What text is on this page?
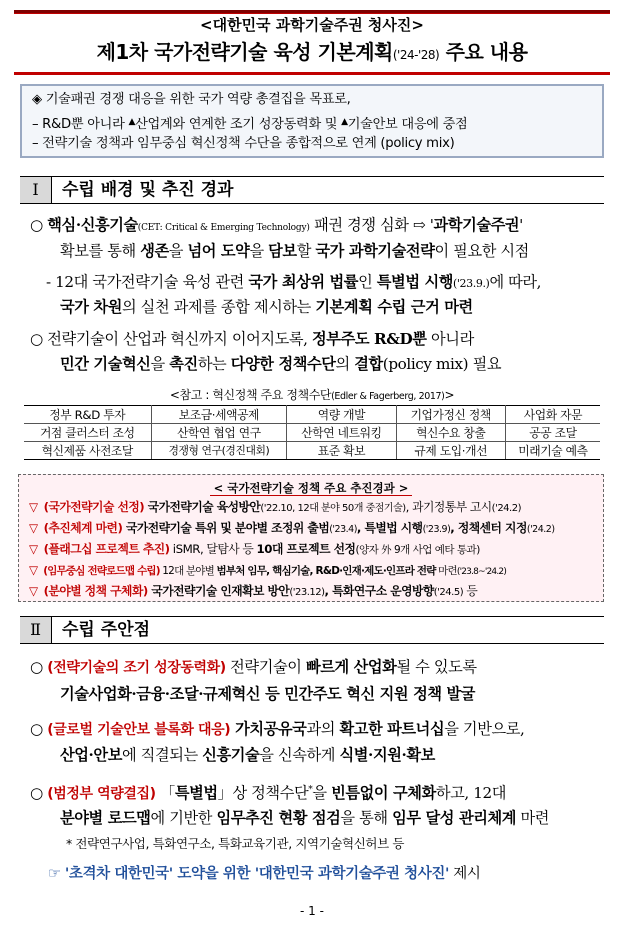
<대한민국 과학기술주권 청사진>
제1차 국가전략기술 육성 기본계획('24-'28) 주요 내용
◈ 기술패권 경쟁 대응을 위한 국가 역량 총결집을 목표로,
– R&D뿐 아니라 ▲산업계와 연계한 조기 성장동력화 및 ▲기술안보 대응에 중점
– 전략기술 정책과 임무중심 혁신정책 수단을 종합적으로 연계 (policy mix)
Ⅰ	수립 배경 및 추진 경과
○ 핵심·신흥기술(CET: Critical & Emerging Technology) 패권 경쟁 심화 ⇨ '과학기술주권'
확보를 통해 생존을 넘어 도약을 담보할 국가 과학기술전략이 필요한 시점
- 12대 국가전략기술 육성 관련 국가 최상위 법률인 특별법 시행('23.9.)에 따라,
국가 차원의 실천 과제를 종합 제시하는 기본계획 수립 근거 마련
○ 전략기술이 산업과 혁신까지 이어지도록, 정부주도 R&D뿐 아니라
민간 기술혁신을 촉진하는 다양한 정책수단의 결합(policy mix) 필요
<참고 : 혁신정책 주요 정책수단(Edler & Fagerberg, 2017)>
정부 R&D 투자	보조금·세액공제	역량 개발	기업가정신 정책	사업화 자문
거점 클러스터 조성	산학연 협업 연구	산학연 네트워킹	혁신수요 창출	공공 조달
혁신제품 사전조달	경쟁형 연구(경진대회)	표준 확보	규제 도입·개선	미래기술 예측
< 국가전략기술 정책 주요 추진경과 >
▽ (국가전략기술 선정) 국가전략기술 육성방안('22.10, 12대 분야 50개 중점기술), 과기정통부 고시('24.2)
▽ (추진체계 마련) 국가전략기술 특위 및 분야별 조정위 출범('23.4), 특별법 시행('23.9), 정책센터 지정('24.2)
▽ (플래그십 프로젝트 추진) iSMR, 달탐사 등 10대 프로젝트 선정(양자 外 9개 사업 예타 통과)
▽ (임무중심 전략로드맵 수립) 12대 분야별 범부처 임무, 핵심기술, R&D·인재·제도·인프라 전략 마련('23.8~'24.2)
▽ (분야별 정책 구체화) 국가전략기술 인재확보 방안('23.12), 특화연구소 운영방향('24.5) 등
Ⅱ	수립 주안점
○ (전략기술의 조기 성장동력화) 전략기술이 빠르게 산업화될 수 있도록
기술사업화·금융·조달·규제혁신 등 민간주도 혁신 지원 정책 발굴
○ (글로벌 기술안보 블록화 대응) 가치공유국과의 확고한 파트너십을 기반으로,
산업·안보에 직결되는 신흥기술을 신속하게 식별·지원·확보
○ (범정부 역량결집) 「특별법」상 정책수단*을 빈틈없이 구체화하고, 12대
분야별 로드맵에 기반한 임무추진 현황 점검을 통해 임무 달성 관리체계 마련
* 전략연구사업, 특화연구소, 특화교육기관, 지역기술혁신허브 등
☞ '초격차 대한민국' 도약을 위한 '대한민국 과학기술주권 청사진' 제시
- 1 -
